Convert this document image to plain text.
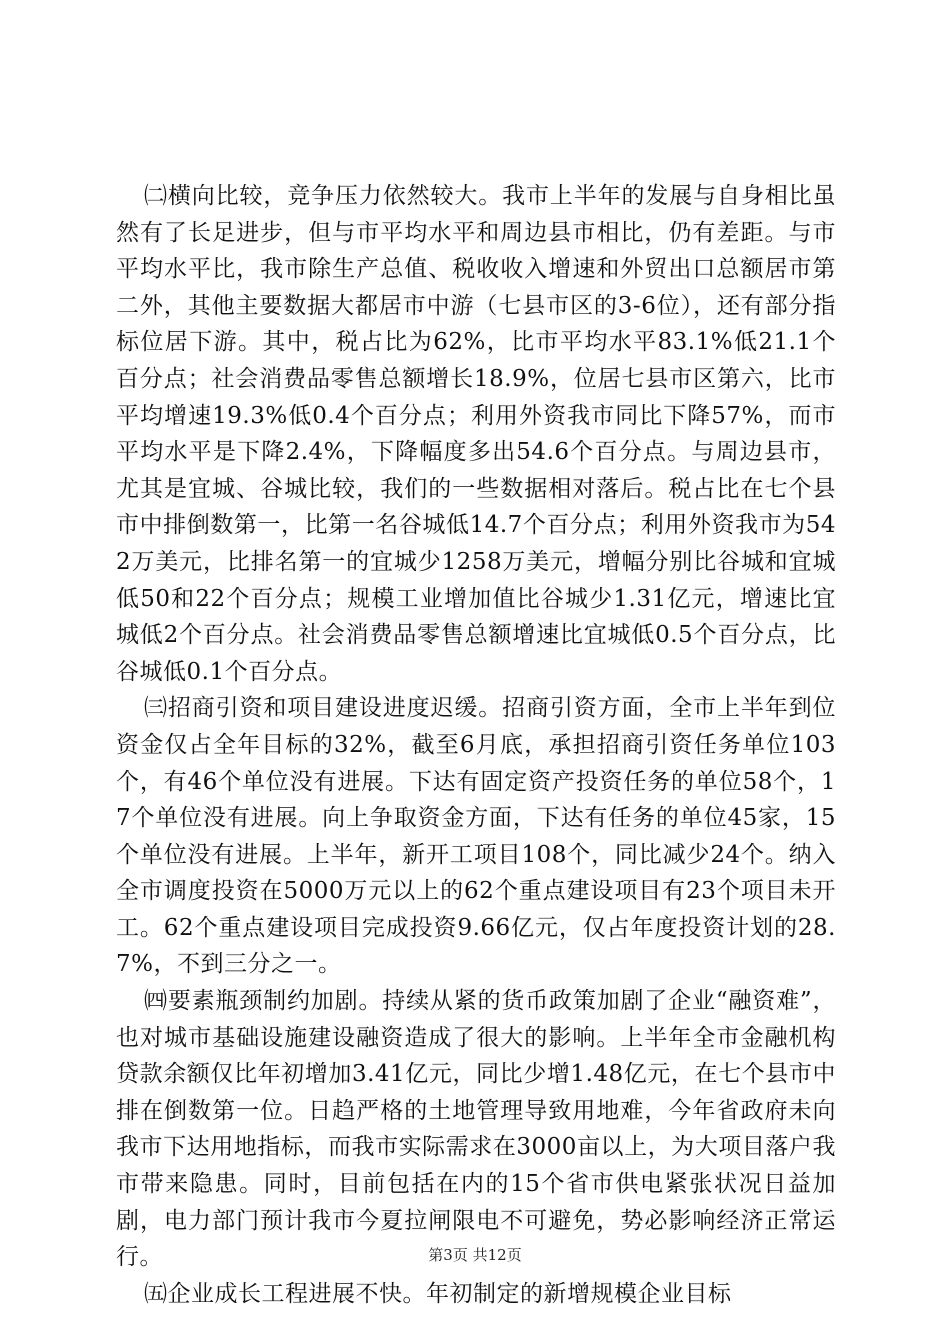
㈡横向比较，竞争压力依然较大。我市上半年的发展与自身相比虽然有了长足进步，但与市平均水平和周边县市相比，仍有差距。与市平均水平比，我市除生产总值、税收收入增速和外贸出口总额居市第二外，其他主要数据大都居市中游（七县市区的3-6位），还有部分指标位居下游。其中，税占比为62%，比市平均水平83.1%低21.1个百分点；社会消费品零售总额增长18.9%，位居七县市区第六，比市平均增速19.3%低0.4个百分点；利用外资我市同比下降57%，而市平均水平是下降2.4%，下降幅度多出54.6个百分点。与周边县市，尤其是宜城、谷城比较，我们的一些数据相对落后。税占比在七个县市中排倒数第一，比第一名谷城低14.7个百分点；利用外资我市为542万美元，比排名第一的宜城少1258万美元，增幅分别比谷城和宜城低50和22个百分点；规模工业增加值比谷城少1.31亿元，增速比宜城低2个百分点。社会消费品零售总额增速比宜城低0.5个百分点，比谷城低0.1个百分点。

㈢招商引资和项目建设进度迟缓。招商引资方面，全市上半年到位资金仅占全年目标的32%，截至6月底，承担招商引资任务单位103个，有46个单位没有进展。下达有固定资产投资任务的单位58个，17个单位没有进展。向上争取资金方面，下达有任务的单位45家，15个单位没有进展。上半年，新开工项目108个，同比减少24个。纳入全市调度投资在5000万元以上的62个重点建设项目有23个项目未开工。62个重点建设项目完成投资9.66亿元，仅占年度投资计划的28.7%，不到三分之一。

㈣要素瓶颈制约加剧。持续从紧的货币政策加剧了企业“融资难”，也对城市基础设施建设融资造成了很大的影响。上半年全市金融机构贷款余额仅比年初增加3.41亿元，同比少增1.48亿元，在七个县市中排在倒数第一位。日趋严格的土地管理导致用地难，今年省政府未向我市下达用地指标，而我市实际需求在3000亩以上，为大项目落户我市带来隐患。同时，目前包括在内的15个省市供电紧张状况日益加剧，电力部门预计我市今夏拉闸限电不可避免，势必影响经济正常运行。

㈤企业成长工程进展不快。年初制定的新增规模企业目标

第3页 共12页
